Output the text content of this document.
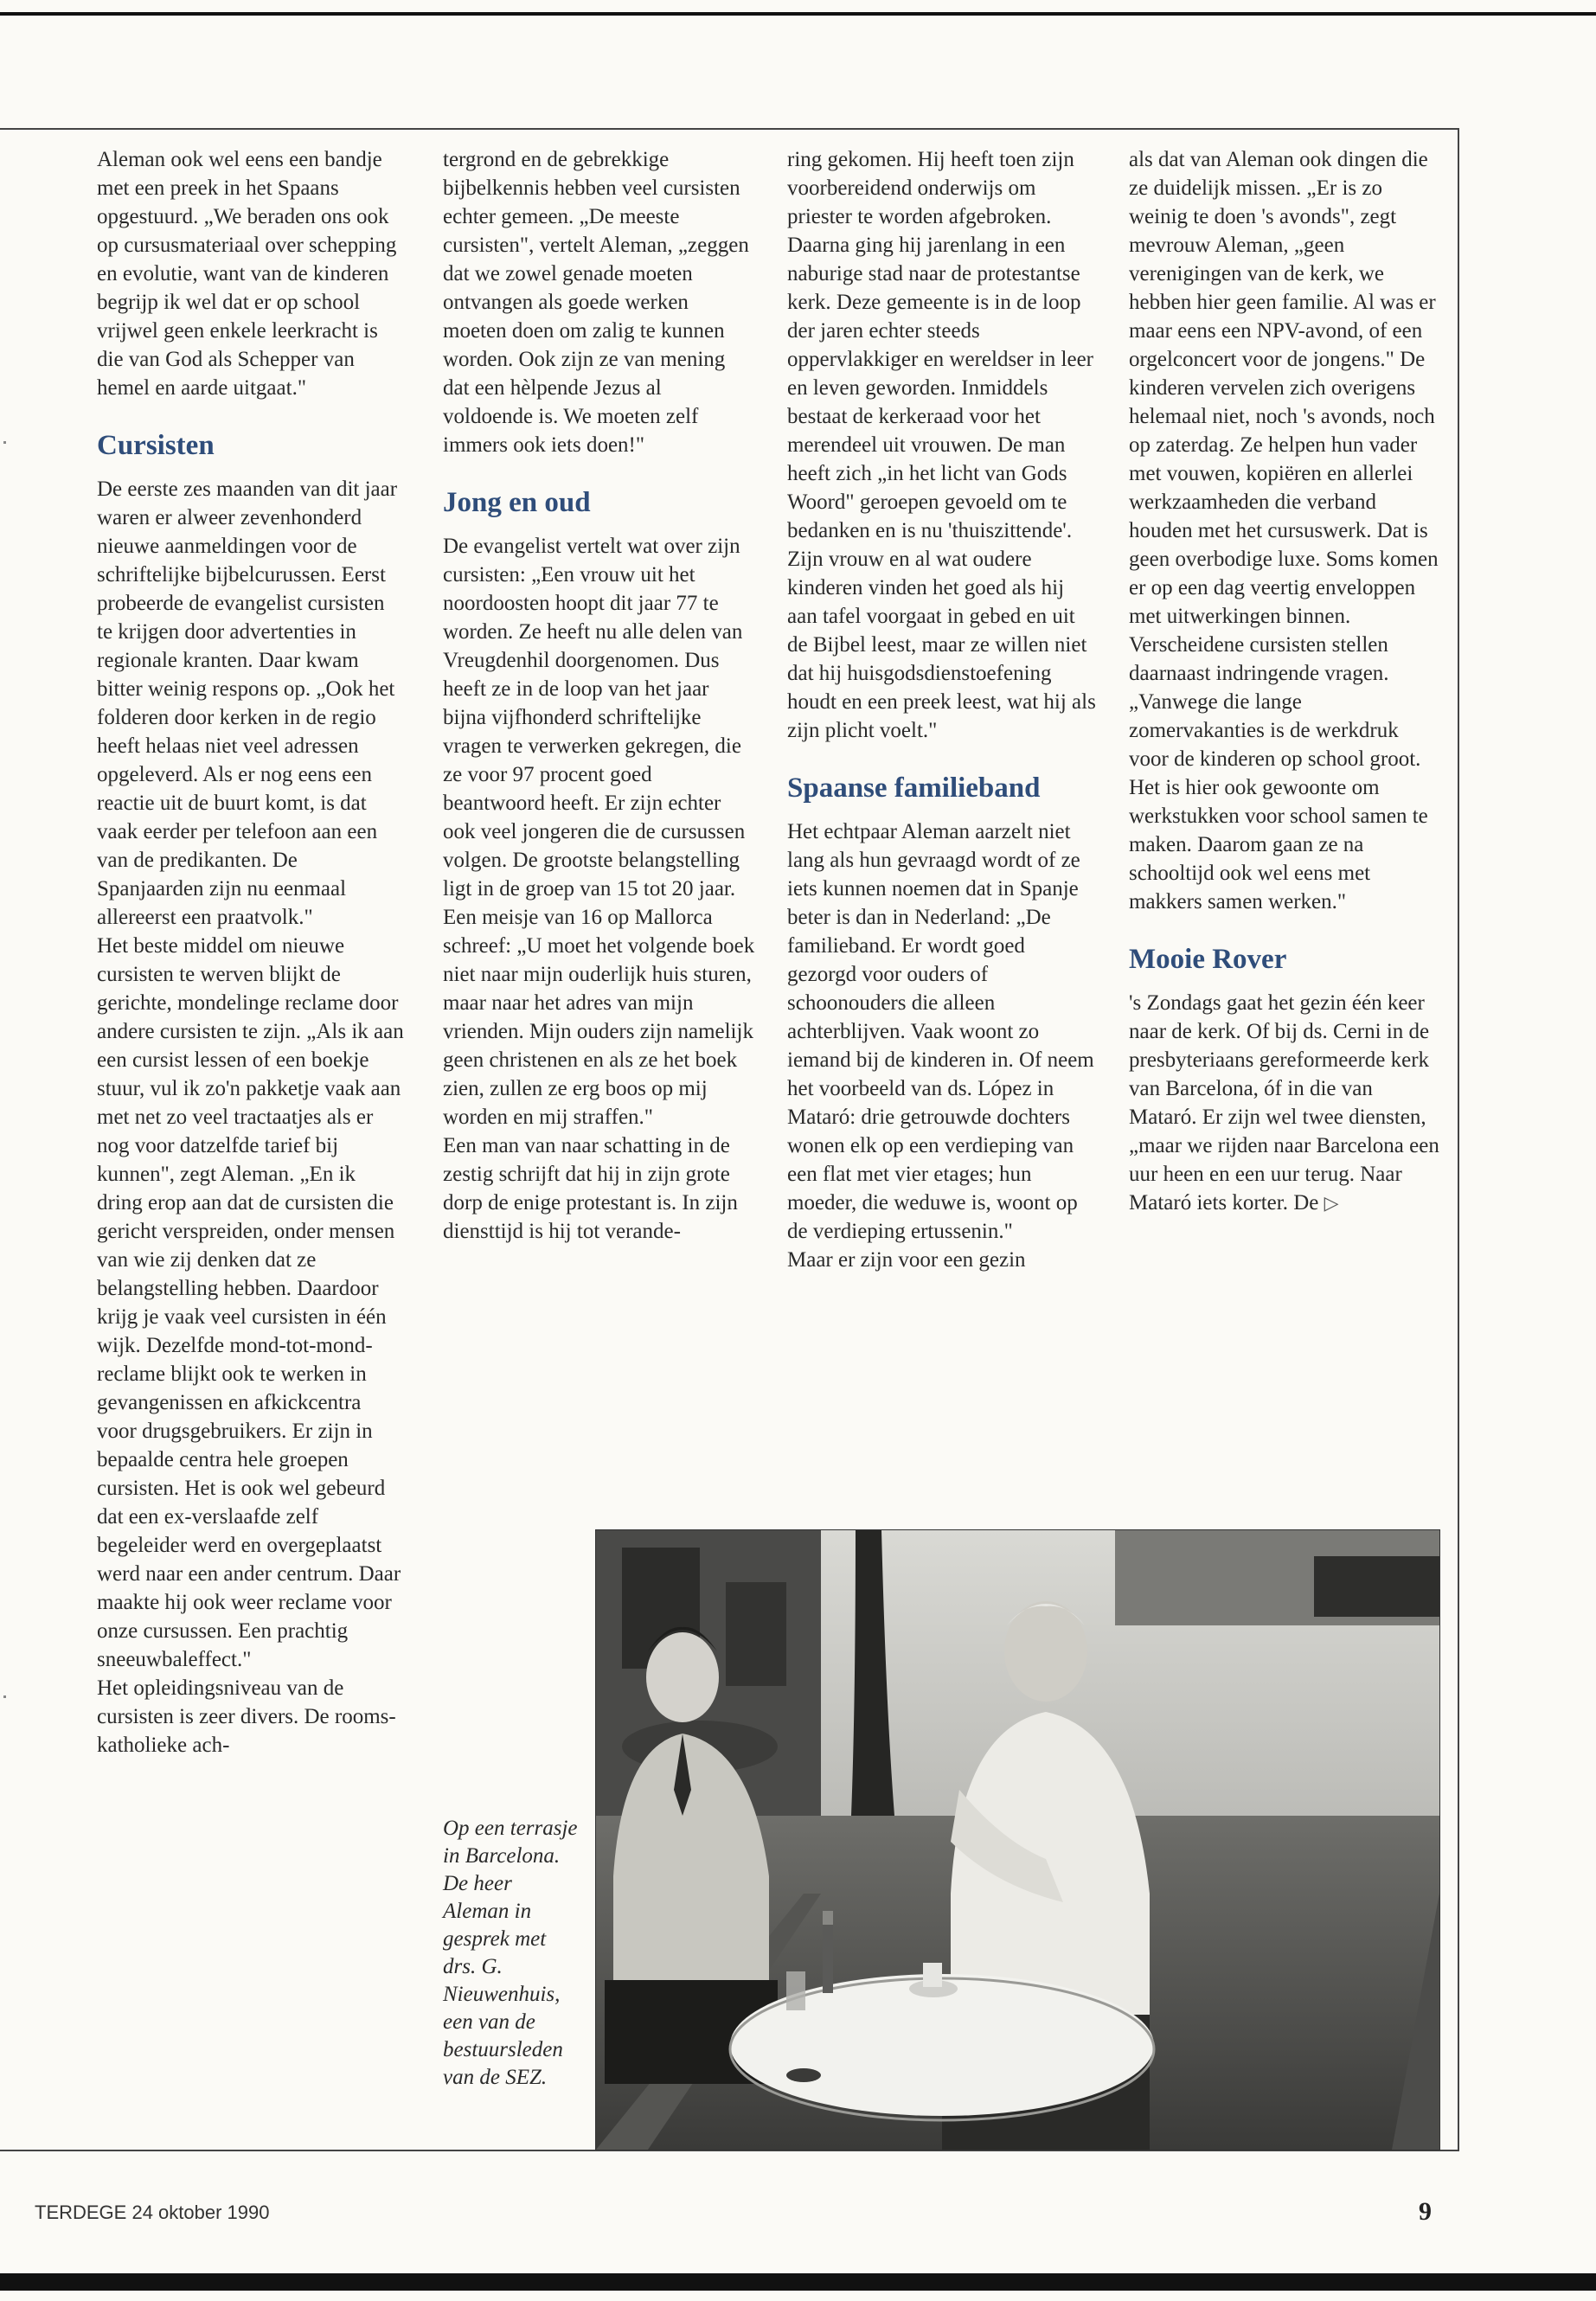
Aleman ook wel eens een bandje met een preek in het Spaans opgestuurd. „We beraden ons ook op cursusmateriaal over schepping en evolutie, want van de kinderen begrijp ik wel dat er op school vrijwel geen enkele leerkracht is die van God als Schepper van hemel en aarde uitgaat."

Cursisten

De eerste zes maanden van dit jaar waren er alweer zevenhonderd nieuwe aanmeldingen voor de schriftelijke bijbelcurussen. Eerst probeerde de evangelist cursisten te krijgen door advertenties in regionale kranten. Daar kwam bitter weinig respons op. „Ook het folderen door kerken in de regio heeft helaas niet veel adressen opgeleverd. Als er nog eens een reactie uit de buurt komt, is dat vaak eerder per telefoon aan een van de predikanten. De Spanjaarden zijn nu eenmaal allereerst een praatvolk."

Het beste middel om nieuwe cursisten te werven blijkt de gerichte, mondelinge reclame door andere cursisten te zijn. „Als ik aan een cursist lessen of een boekje stuur, vul ik zo'n pakketje vaak aan met net zo veel tractaatjes als er nog voor datzelfde tarief bij kunnen", zegt Aleman. „En ik dring erop aan dat de cursisten die gericht verspreiden, onder mensen van wie zij denken dat ze belangstelling hebben. Daardoor krijg je vaak veel cursisten in één wijk. Dezelfde mond-tot-mond-reclame blijkt ook te werken in gevangenissen en afkickcentra voor drugsgebruikers. Er zijn in bepaalde centra hele groepen cursisten. Het is ook wel gebeurd dat een ex-verslaafde zelf begeleider werd en overgeplaatst werd naar een ander centrum. Daar maakte hij ook weer reclame voor onze cursussen. Een prachtig sneeuwbaleffect."

Het opleidingsniveau van de cursisten is zeer divers. De rooms-katholieke ach-

tergrond en de gebrekkige bijbelkennis hebben veel cursisten echter gemeen. „De meeste cursisten", vertelt Aleman, „zeggen dat we zowel genade moeten ontvangen als goede werken moeten doen om zalig te kunnen worden. Ook zijn ze van mening dat een hèlpende Jezus al voldoende is. We moeten zelf immers ook iets doen!"

Jong en oud

De evangelist vertelt wat over zijn cursisten: „Een vrouw uit het noordoosten hoopt dit jaar 77 te worden. Ze heeft nu alle delen van Vreugdenhil doorgenomen. Dus heeft ze in de loop van het jaar bijna vijfhonderd schriftelijke vragen te verwerken gekregen, die ze voor 97 procent goed beantwoord heeft. Er zijn echter ook veel jongeren die de cursussen volgen. De grootste belangstelling ligt in de groep van 15 tot 20 jaar. Een meisje van 16 op Mallorca schreef: „U moet het volgende boek niet naar mijn ouderlijk huis sturen, maar naar het adres van mijn vrienden. Mijn ouders zijn namelijk geen christenen en als ze het boek zien, zullen ze erg boos op mij worden en mij straffen."

Een man van naar schatting in de zestig schrijft dat hij in zijn grote dorp de enige protestant is. In zijn diensttijd is hij tot verande-

ring gekomen. Hij heeft toen zijn voorbereidend onderwijs om priester te worden afgebroken. Daarna ging hij jarenlang in een naburige stad naar de protestantse kerk. Deze gemeente is in de loop der jaren echter steeds oppervlakkiger en wereldser in leer en leven geworden. Inmiddels bestaat de kerkeraad voor het merendeel uit vrouwen. De man heeft zich „in het licht van Gods Woord" geroepen gevoeld om te bedanken en is nu 'thuiszittende'. Zijn vrouw en al wat oudere kinderen vinden het goed als hij aan tafel voorgaat in gebed en uit de Bijbel leest, maar ze willen niet dat hij huisgodsdienstoefening houdt en een preek leest, wat hij als zijn plicht voelt."

Spaanse familieband

Het echtpaar Aleman aarzelt niet lang als hun gevraagd wordt of ze iets kunnen noemen dat in Spanje beter is dan in Nederland: „De familieband. Er wordt goed gezorgd voor ouders of schoonouders die alleen achterblijven. Vaak woont zo iemand bij de kinderen in. Of neem het voorbeeld van ds. López in Mataró: drie getrouwde dochters wonen elk op een verdieping van een flat met vier etages; hun moeder, die weduwe is, woont op de verdieping ertussenin."

Maar er zijn voor een gezin

als dat van Aleman ook dingen die ze duidelijk missen. „Er is zo weinig te doen 's avonds", zegt mevrouw Aleman, „geen verenigingen van de kerk, we hebben hier geen familie. Al was er maar eens een NPV-avond, of een orgelconcert voor de jongens." De kinderen vervelen zich overigens helemaal niet, noch 's avonds, noch op zaterdag. Ze helpen hun vader met vouwen, kopiëren en allerlei werkzaamheden die verband houden met het cursuswerk. Dat is geen overbodige luxe. Soms komen er op een dag veertig enveloppen met uitwerkingen binnen. Verscheidene cursisten stellen daarnaast indringende vragen.

„Vanwege die lange zomervakanties is de werkdruk voor de kinderen op school groot. Het is hier ook gewoonte om werkstukken voor school samen te maken. Daarom gaan ze na schooltijd ook wel eens met makkers samen werken."

Mooie Rover

's Zondags gaat het gezin één keer naar de kerk. Of bij ds. Cerni in de presbyteriaans gereformeerde kerk van Barcelona, óf in die van Mataró. Er zijn wel twee diensten, „maar we rijden naar Barcelona een uur heen en een uur terug. Naar Mataró iets korter. De ▷

Op een terrasje in Barcelona. De heer Aleman in gesprek met drs. G. Nieuwenhuis, een van de bestuursleden van de SEZ.
TERDEGE 24 oktober 1990	9
